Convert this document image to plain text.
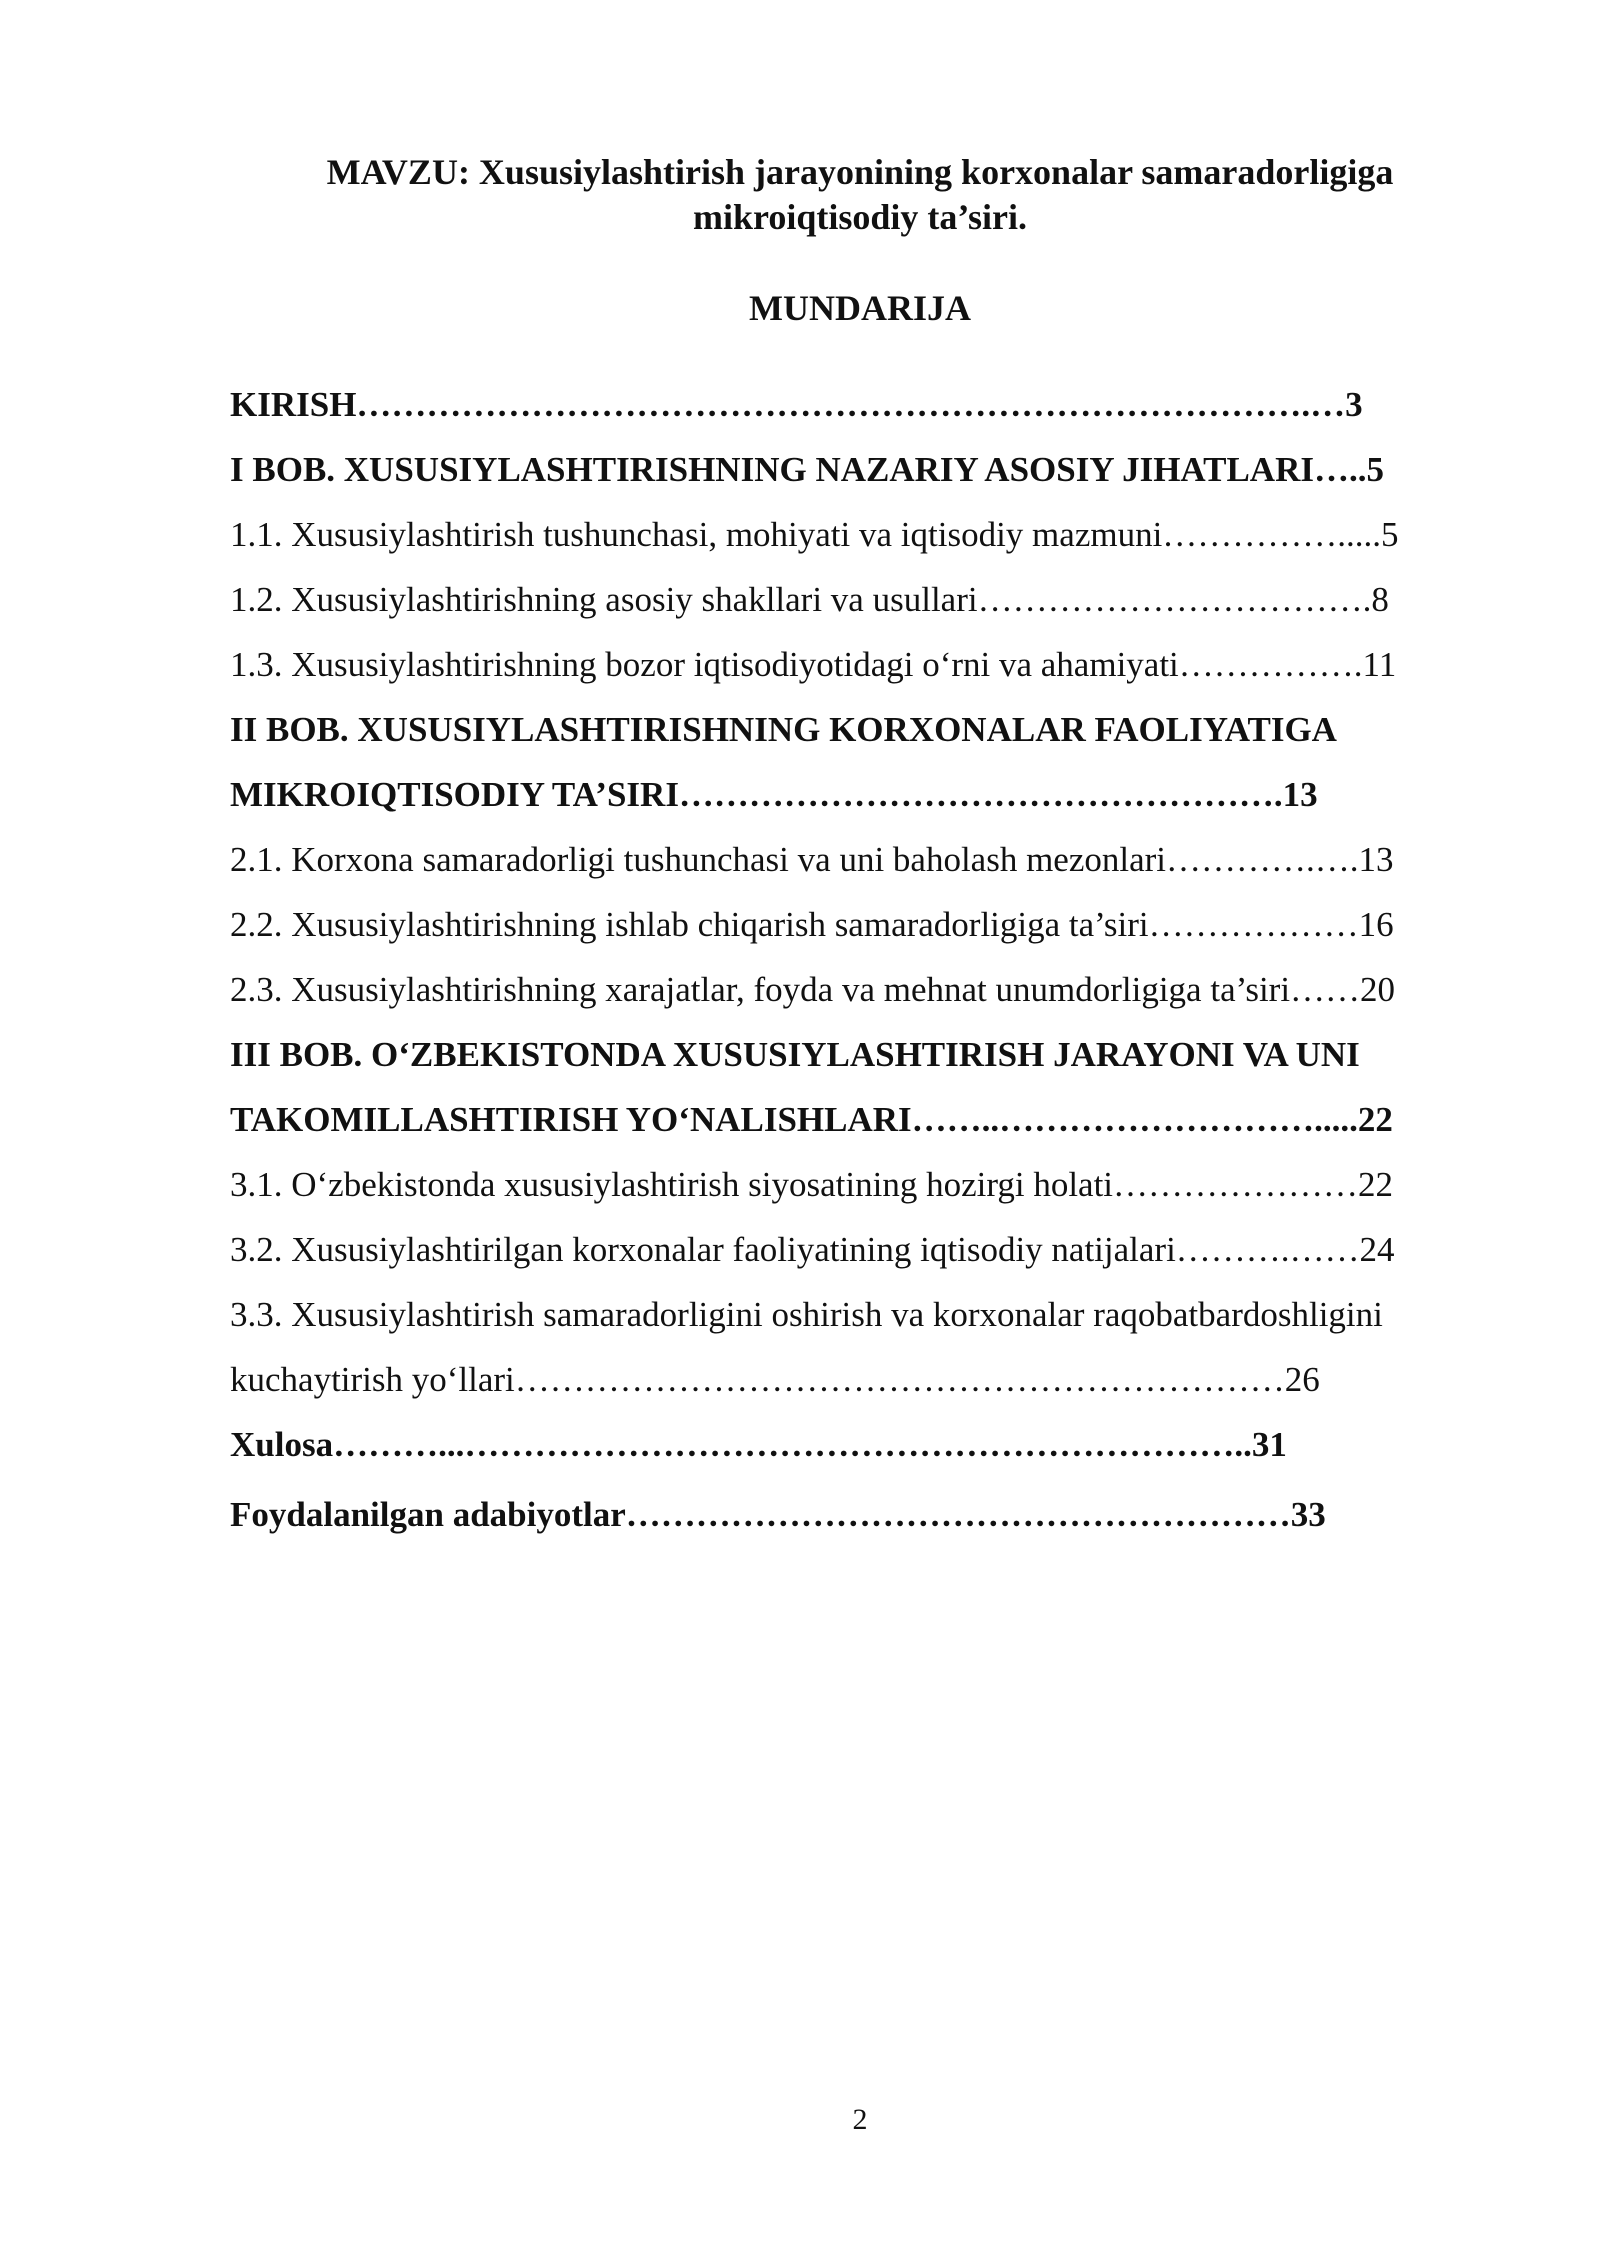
MAVZU: Xususiylashtirish jarayonining korxonalar samaradorligiga
mikroiqtisodiy ta’siri.
MUNDARIJA
KIRISH……………………………………………………………………….…3
I BOB. XUSUSIYLASHTIRISHNING NAZARIY ASOSIY JIHATLARI…..5
1.1. Xususiylashtirish tushunchasi, mohiyati va iqtisodiy mazmuni…………….....5
1.2. Xususiylashtirishning asosiy shakllari va usullari…………………………….8
1.3. Xususiylashtirishning bozor iqtisodiyotidagi o‘rni va ahamiyati…………….11
II BOB. XUSUSIYLASHTIRISHNING KORXONALAR FAOLIYATIGA
MIKROIQTISODIY TA’SIRI…………………………………………….13
2.1. Korxona samaradorligi tushunchasi va uni baholash mezonlari………….….13
2.2. Xususiylashtirishning ishlab chiqarish samaradorligiga ta’siri………………16
2.3. Xususiylashtirishning xarajatlar, foyda va mehnat unumdorligiga ta’siri……20
III BOB. O‘ZBEKISTONDA XUSUSIYLASHTIRISH JARAYONI VA UNI
TAKOMILLASHTIRISH YO‘NALISHLARI……..……………………….....22
3.1. O‘zbekistonda xususiylashtirish siyosatining hozirgi holati…………………22
3.2. Xususiylashtirilgan korxonalar faoliyatining iqtisodiy natijalari……….……24
3.3. Xususiylashtirish samaradorligini oshirish va korxonalar raqobatbardoshligini
kuchaytirish yo‘llari…………………………………………………………26
Xulosa………...…………………………………………………………..31
Foydalanilgan adabiyotlar…………………………………………………33
2
